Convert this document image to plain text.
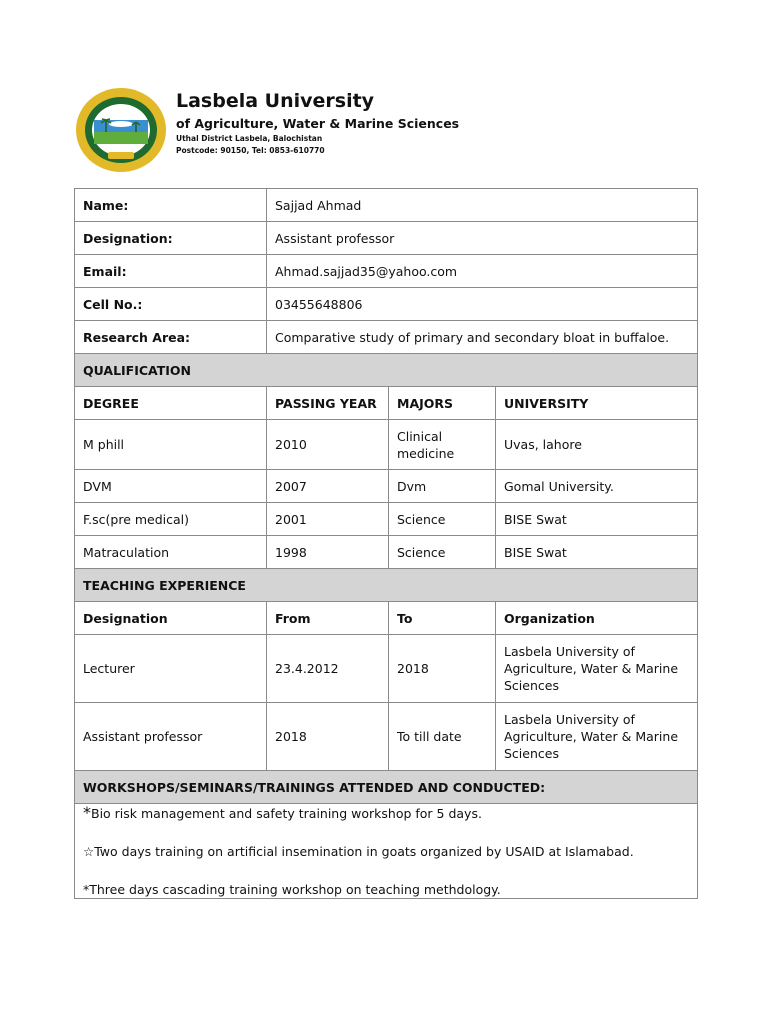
Lasbela University
of Agriculture, Water & Marine Sciences
Uthal District Lasbela, Balochistan
Postcode: 90150, Tel: 0853-610770
Name:	Sajjad Ahmad		
Designation:	Assistant professor		
Email:	Ahmad.sajjad35@yahoo.com		
Cell No.:	03455648806		
Research Area:	Comparative study of primary and secondary bloat in buffaloe.		
QUALIFICATION			
DEGREE	PASSING YEAR	MAJORS	UNIVERSITY
M phill	2010	Clinical medicine	Uvas, lahore
DVM	2007	Dvm	Gomal University.
F.sc(pre medical)	2001	Science	BISE Swat
Matraculation	1998	Science	BISE Swat
TEACHING EXPERIENCE			
Designation	From	To	Organization
Lecturer	23.4.2012	2018	Lasbela University of Agriculture, Water & Marine Sciences
Assistant professor	2018	To till date	Lasbela University of Agriculture, Water & Marine Sciences
WORKSHOPS/SEMINARS/TRAININGS ATTENDED AND CONDUCTED:			

*Bio risk management and safety training workshop for 5 days.
☆Two days training on artificial insemination in goats organized by USAID at Islamabad.
*Three days cascading training workshop on teaching methdology.			
